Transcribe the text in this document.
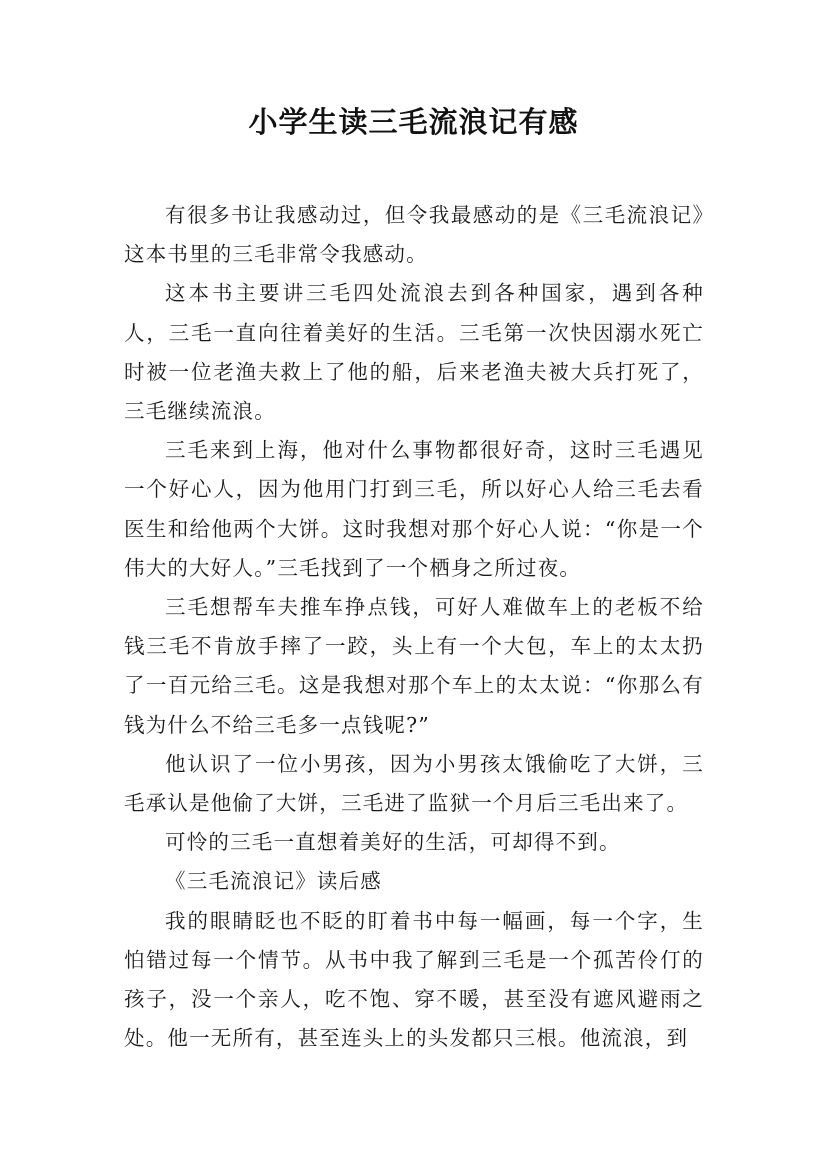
小学生读三毛流浪记有感

有很多书让我感动过，但令我最感动的是《三毛流浪记》这本书里的三毛非常令我感动。

这本书主要讲三毛四处流浪去到各种国家，遇到各种人，三毛一直向往着美好的生活。三毛第一次快因溺水死亡时被一位老渔夫救上了他的船，后来老渔夫被大兵打死了，三毛继续流浪。

三毛来到上海，他对什么事物都很好奇，这时三毛遇见一个好心人，因为他用门打到三毛，所以好心人给三毛去看医生和给他两个大饼。这时我想对那个好心人说：“你是一个伟大的大好人。”三毛找到了一个栖身之所过夜。

三毛想帮车夫推车挣点钱，可好人难做车上的老板不给钱三毛不肯放手摔了一跤，头上有一个大包，车上的太太扔了一百元给三毛。这是我想对那个车上的太太说：“你那么有钱为什么不给三毛多一点钱呢?”

他认识了一位小男孩，因为小男孩太饿偷吃了大饼，三毛承认是他偷了大饼，三毛进了监狱一个月后三毛出来了。

可怜的三毛一直想着美好的生活，可却得不到。

《三毛流浪记》读后感

我的眼睛眨也不眨的盯着书中每一幅画，每一个字，生怕错过每一个情节。从书中我了解到三毛是一个孤苦伶仃的孩子，没一个亲人，吃不饱、穿不暖，甚至没有遮风避雨之处。他一无所有，甚至连头上的头发都只三根。他流浪，到
